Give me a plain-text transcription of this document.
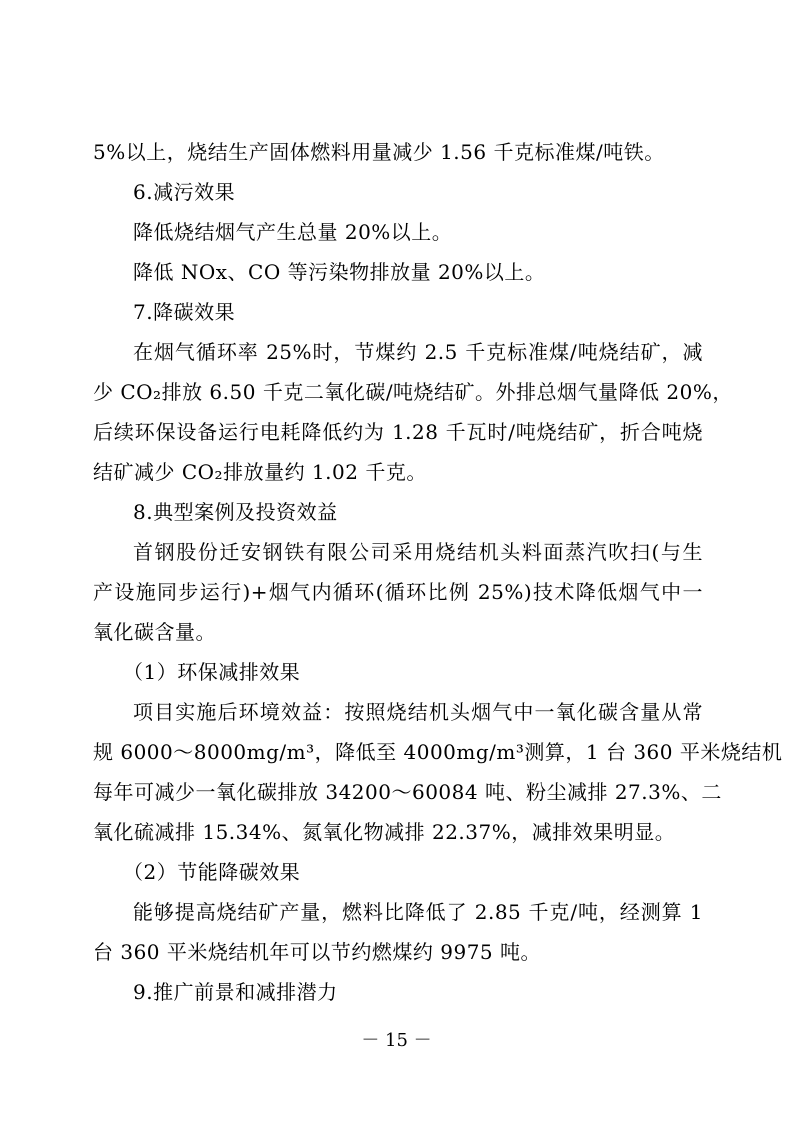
5%以上，烧结生产固体燃料用量减少 1.56 千克标准煤/吨铁。
6.减污效果
降低烧结烟气产生总量 20%以上。
降低 NOx、CO 等污染物排放量 20%以上。
7.降碳效果
在烟气循环率 25%时，节煤约 2.5 千克标准煤/吨烧结矿，减
少 CO₂排放 6.50 千克二氧化碳/吨烧结矿。外排总烟气量降低 20%，
后续环保设备运行电耗降低约为 1.28 千瓦时/吨烧结矿，折合吨烧
结矿减少 CO₂排放量约 1.02 千克。
8.典型案例及投资效益
首钢股份迁安钢铁有限公司采用烧结机头料面蒸汽吹扫(与生
产设施同步运行)+烟气内循环(循环比例 25%)技术降低烟气中一
氧化碳含量。
（1）环保减排效果
项目实施后环境效益：按照烧结机头烟气中一氧化碳含量从常
规 6000～8000mg/m³，降低至 4000mg/m³测算，1 台 360 平米烧结机
每年可减少一氧化碳排放 34200～60084 吨、粉尘减排 27.3%、二
氧化硫减排 15.34%、氮氧化物减排 22.37%，减排效果明显。
（2）节能降碳效果
能够提高烧结矿产量，燃料比降低了 2.85 千克/吨，经测算 1
台 360 平米烧结机年可以节约燃煤约 9975 吨。
9.推广前景和减排潜力
－ 15 －
